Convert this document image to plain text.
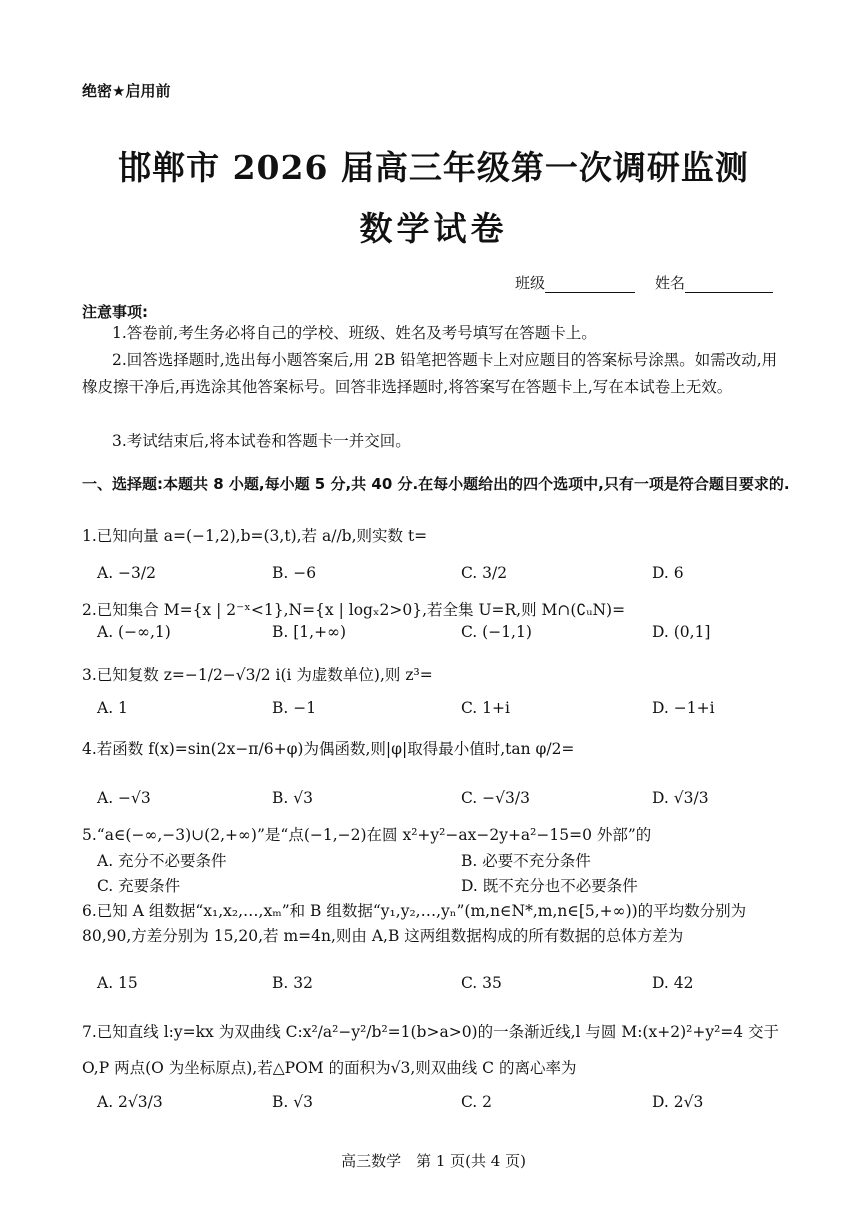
绝密★启用前
邯郸市 2026 届高三年级第一次调研监测
数学试卷
班级	姓名
注意事项:
1.答卷前,考生务必将自己的学校、班级、姓名及考号填写在答题卡上。
2.回答选择题时,选出每小题答案后,用 2B 铅笔把答题卡上对应题目的答案标号涂黑。如需改动,用橡皮擦干净后,再选涂其他答案标号。回答非选择题时,将答案写在答题卡上,写在本试卷上无效。
3.考试结束后,将本试卷和答题卡一并交回。
一、选择题:本题共 8 小题,每小题 5 分,共 40 分.在每小题给出的四个选项中,只有一项是符合题目要求的.
1.已知向量 a=(−1,2),b=(3,t),若 a//b,则实数 t=
A. −3/2	B. −6	C. 3/2	D. 6
2.已知集合 M={x | 2⁻ˣ<1},N={x | logₓ2>0},若全集 U=R,则 M∩(∁ᵤN)=
A. (−∞,1)	B. [1,+∞)	C. (−1,1)	D. (0,1]
3.已知复数 z=−1/2−√3/2 i(i 为虚数单位),则 z³=
A. 1	B. −1	C. 1+i	D. −1+i
4.若函数 f(x)=sin(2x−π/6+φ)为偶函数,则|φ|取得最小值时,tan φ/2=
A. −√3	B. √3	C. −√3/3	D. √3/3
5.“a∈(−∞,−3)∪(2,+∞)”是“点(−1,−2)在圆 x²+y²−ax−2y+a²−15=0 外部”的
A. 充分不必要条件	B. 必要不充分条件
C. 充要条件	D. 既不充分也不必要条件
6.已知 A 组数据“x₁,x₂,…,xₘ”和 B 组数据“y₁,y₂,…,yₙ”(m,n∈N*,m,n∈[5,+∞))的平均数分别为 80,90,方差分别为 15,20,若 m=4n,则由 A,B 这两组数据构成的所有数据的总体方差为
A. 15	B. 32	C. 35	D. 42
7.已知直线 l:y=kx 为双曲线 C:x²/a²−y²/b²=1(b>a>0)的一条渐近线,l 与圆 M:(x+2)²+y²=4 交于 O,P 两点(O 为坐标原点),若△POM 的面积为√3,则双曲线 C 的离心率为
A. 2√3/3	B. √3	C. 2	D. 2√3
高三数学　第 1 页(共 4 页)
